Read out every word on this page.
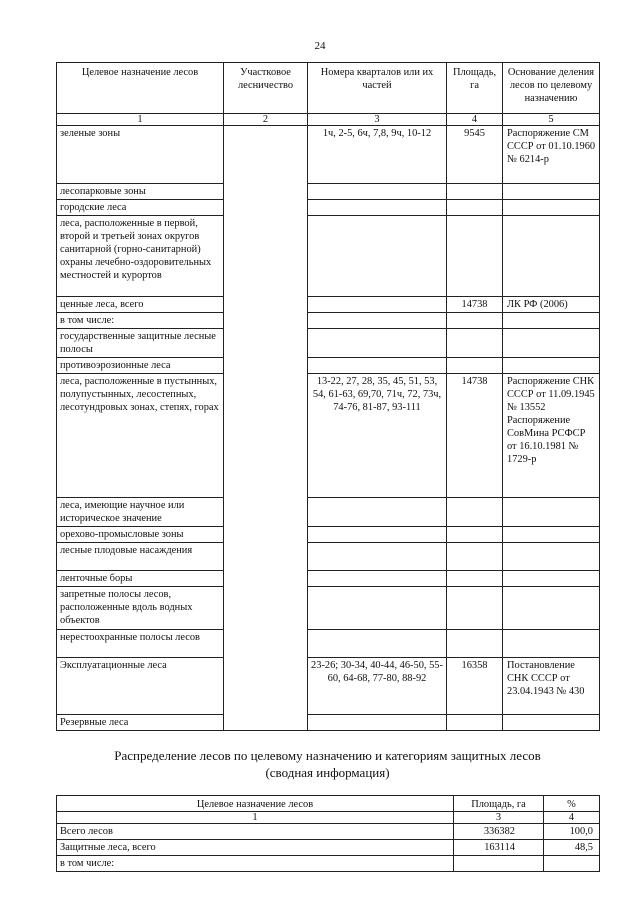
24
Целевое назначение лесов	Участковое лесничество	Номера кварталов или их частей	Площадь, га	Основание деления лесов по целевому назначению
1	2	3	4	5
зеленые зоны		1ч, 2-5, 6ч, 7,8, 9ч, 10-12	9545	Распоряжение СМ СССР от 01.10.1960 № 6214-р
лесопарковые зоны				
городские леса				
леса, расположенные в первой, второй и третьей зонах округов санитарной (горно-санитарной) охраны лечебно-оздоровительных местностей и курортов				
ценные леса, всего			14738	ЛК РФ (2006)
в том числе:				
государственные защитные лесные полосы				
противоэрозионные леса				
леса, расположенные в пустынных, полупустынных, лесостепных, лесотундровых зонах, степях, горах		13-22, 27, 28, 35, 45, 51, 53, 54, 61-63, 69,70, 71ч, 72, 73ч, 74-76, 81-87, 93-111	14738	Распоряжение СНК СССР от 11.09.1945 № 13552 Распоряжение СовМина РСФСР от 16.10.1981 № 1729-р
леса, имеющие научное или историческое значение				
орехово-промысловые зоны				
лесные плодовые насаждения				
ленточные боры				
запретные полосы лесов, расположенные вдоль водных объектов				
нерестоохранные полосы лесов				
Эксплуатационные леса		23-26; 30-34, 40-44, 46-50, 55-60, 64-68, 77-80, 88-92	16358	Постановление СНК СССР от 23.04.1943 № 430
Резервные леса				
Распределение лесов по целевому назначению и категориям защитных лесов
(сводная информация)
Целевое назначение лесов	Площадь, га	%
1	3	4
Всего лесов	336382	100,0
Защитные леса, всего	163114	48,5
в том числе:		
